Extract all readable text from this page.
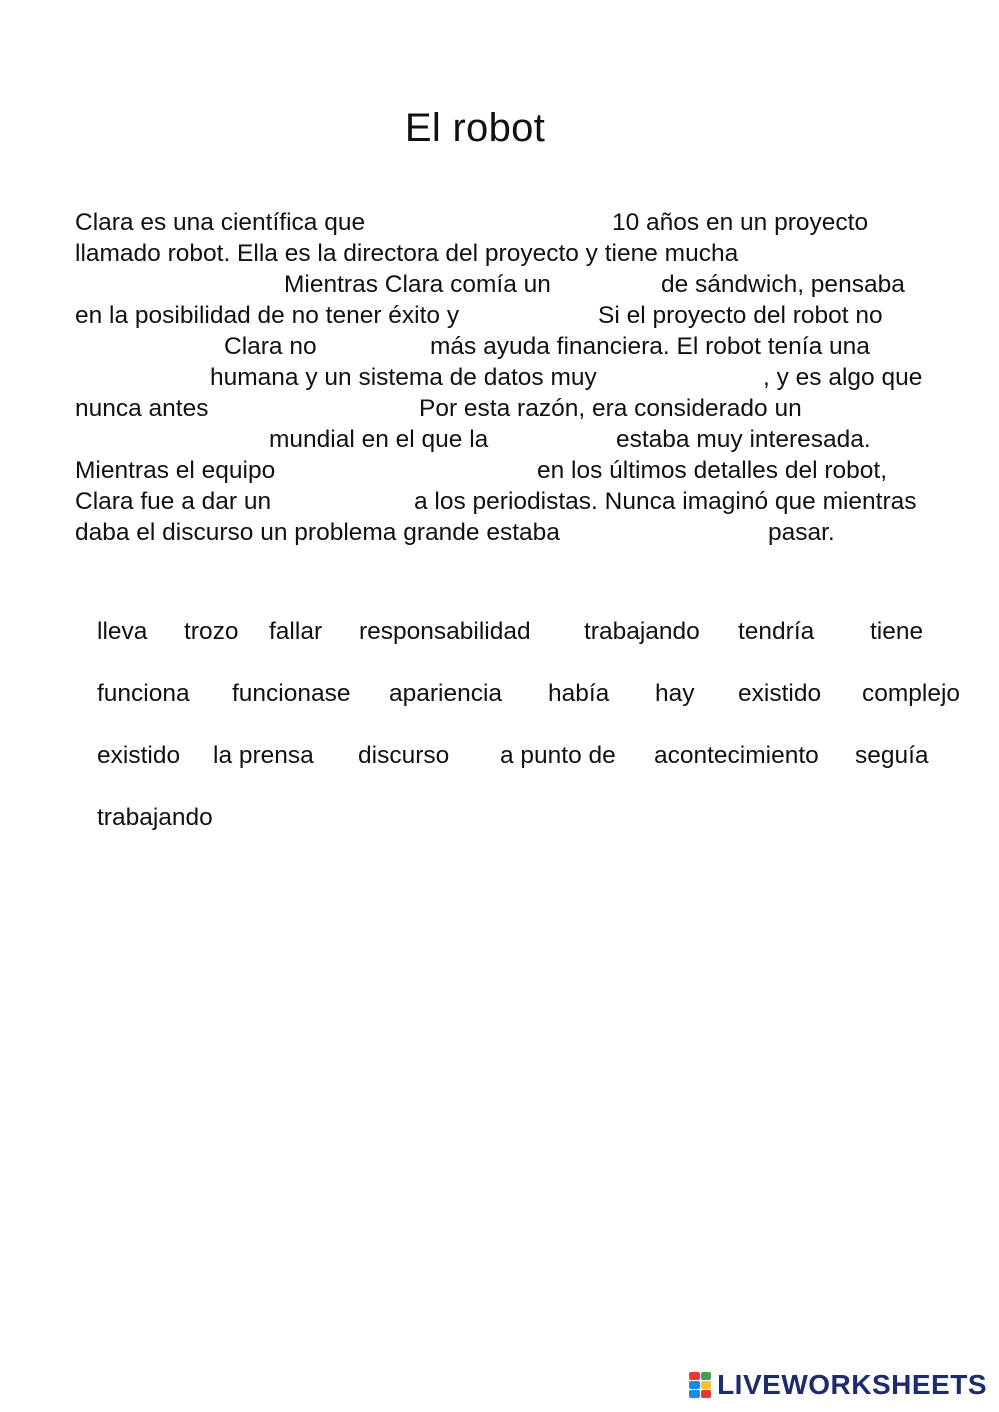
El robot
Clara es una científica que	10 años en un proyecto
llamado robot. Ella es la directora del proyecto y tiene mucha
Mientras Clara comía un	de sándwich, pensaba
en la posibilidad de no tener éxito y	Si el proyecto del robot no
Clara no	más ayuda financiera. El robot tenía una
humana y un sistema de datos muy	, y es algo que
nunca antes	Por esta razón, era considerado un
mundial en el que la	estaba muy interesada.
Mientras el equipo	en los últimos detalles del robot,
Clara fue a dar un	a los periodistas. Nunca imaginó que mientras
daba el discurso un problema grande estaba	pasar.
lleva trozo fallar responsabilidad trabajando tendría tiene
funciona funcionase apariencia había hay existido complejo
existido la prensa discurso a punto de acontecimiento seguía
trabajando
LIVEWORKSHEETS
